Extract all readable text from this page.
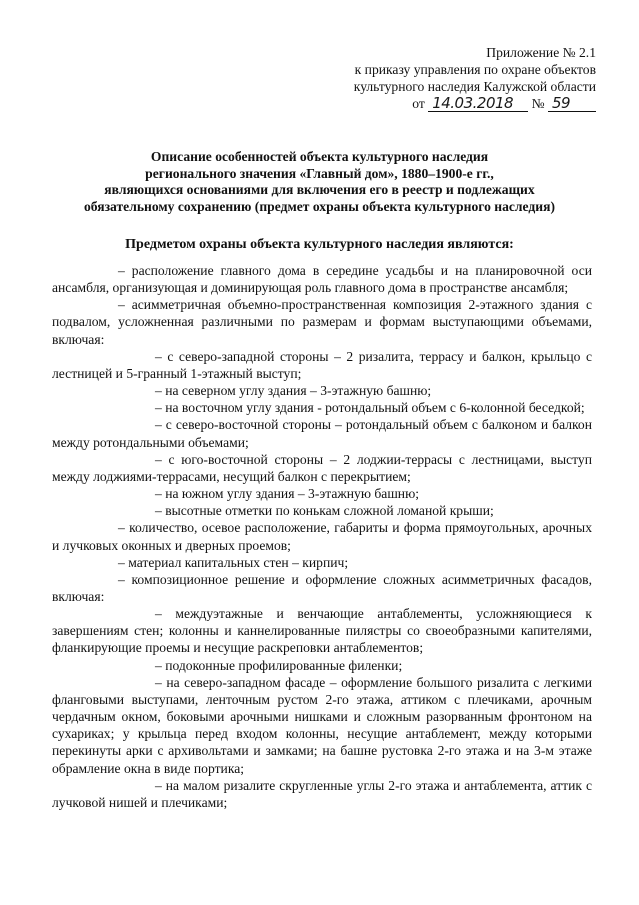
Приложение № 2.1
к приказу управления по охране объектов
культурного наследия Калужской области
от 14.03.2018 № 59
Описание особенностей объекта культурного наследия
регионального значения «Главный дом», 1880–1900-е гг.,
являющихся основаниями для включения его в реестр и подлежащих
обязательному сохранению (предмет охраны объекта культурного наследия)
Предметом охраны объекта культурного наследия являются:

– расположение главного дома в середине усадьбы и на планировочной оси ансамбля, организующая и доминирующая роль главного дома в пространстве ансамбля;

– асимметричная объемно-пространственная композиция 2-этажного здания с подвалом, усложненная различными по размерам и формам выступающими объемами, включая:

– с северо-западной стороны – 2 ризалита, террасу и балкон, крыльцо с лестницей и 5-гранный 1-этажный выступ;

– на северном углу здания – 3-этажную башню;

– на восточном углу здания - ротондальный объем с 6-колонной беседкой;

– с северо-восточной стороны – ротондальный объем с балконом и балкон между ротондальными объемами;

– с юго-восточной стороны – 2 лоджии-террасы с лестницами, выступ между лоджиями-террасами, несущий балкон с перекрытием;

– на южном углу здания – 3-этажную башню;

– высотные отметки по конькам сложной ломаной крыши;

– количество, осевое расположение, габариты и форма прямоугольных, арочных и лучковых оконных и дверных проемов;

– материал капитальных стен – кирпич;

– композиционное решение и оформление сложных асимметричных фасадов, включая:

– междуэтажные и венчающие антаблементы, усложняющиеся к завершениям стен; колонны и каннелированные пилястры со своеобразными капителями, фланкирующие проемы и несущие раскреповки антаблементов;

– подоконные профилированные филенки;

– на северо-западном фасаде – оформление большого ризалита с легкими фланговыми выступами, ленточным рустом 2-го этажа, аттиком с плечиками, арочным чердачным окном, боковыми арочными нишками и сложным разорванным фронтоном на сухариках; у крыльца перед входом колонны, несущие антаблемент, между которыми перекинуты арки с архивольтами и замками; на башне рустовка 2-го этажа и на 3-м этаже обрамление окна в виде портика;

– на малом ризалите скругленные углы 2-го этажа и антаблемента, аттик с лучковой нишей и плечиками;
